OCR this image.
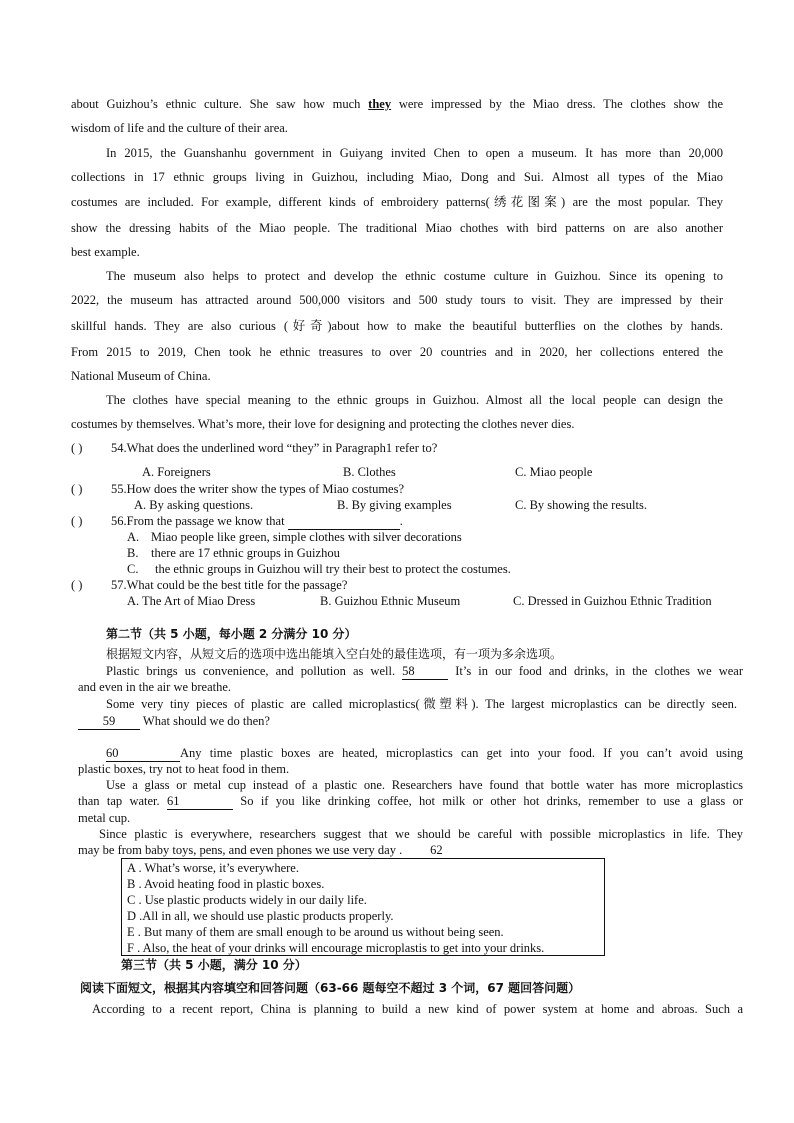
about Guizhou’s ethnic culture. She saw how much they were impressed by the Miao dress. The clothes show the
wisdom of life and the culture of their area.
In 2015, the Guanshanhu government in Guiyang invited Chen to open a museum. It has more than 20,000
collections in 17 ethnic groups living in Guizhou, including Miao, Dong and Sui. Almost all types of the Miao
costumes are included. For example, different kinds of embroidery patterns(绣花图案) are the most popular. They
show the dressing habits of the Miao people. The traditional Miao chothes with bird patterns on are also another
best example.
The museum also helps to protect and develop the ethnic costume culture in Guizhou. Since its opening to
2022, the museum has attracted around 500,000 visitors and 500 study tours to visit. They are impressed by their
skillful hands. They are also curious (好奇)about how to make the beautiful butterflies on the clothes by hands.
From 2015 to 2019, Chen took he ethnic treasures to over 20 countries and in 2020, her collections entered the
National Museum of China.
The clothes have special meaning to the ethnic groups in Guizhou. Almost all the local people can design the
costumes by themselves. What’s more, their love for designing and protecting the clothes never dies.
( ) 54.What does the underlined word “they” in Paragraph1 refer to?
A. Foreigners	B. Clothes	C. Miao people
( ) 55.How does the writer show the types of Miao costumes?
A. By asking questions.	B. By giving examples	C. By showing the results.
( ) 56.From the passage we know that	.
A. Miao people like green, simple clothes with silver decorations
B. there are 17 ethnic groups in Guizhou
C. the ethnic groups in Guizhou will try their best to protect the costumes.
( ) 57.What could be the best title for the passage?
A. The Art of Miao Dress	B. Guizhou Ethnic Museum	C. Dressed in Guizhou Ethnic Tradition
第二节（共 5 小题，每小题 2 分满分 10 分）
根据短文内容，从短文后的选项中选出能填入空白处的最佳选项，有一项为多余选项。
Plastic brings us convenience, and pollution as well. 58	It’s in our food and drinks, in the clothes we wear
and even in the air we breathe.
Some very tiny pieces of plastic are called microplastics(微塑料). The largest microplastics can be directly seen.
59 What should we do then?
60	Any time plastic boxes are heated, microplastics can get into your food. If you can’t avoid using
plastic boxes, try not to heat food in them.
Use a glass or metal cup instead of a plastic one. Researchers have found that bottle water has more microplastics
than tap water. 61	So if you like drinking coffee, hot milk or other hot drinks, remember to use a glass or
metal cup.
Since plastic is everywhere, researchers suggest that we should be careful with possible microplastics in life. They
may be from baby toys, pens, and even phones we use very day . 62
A . What’s worse, it’s everywhere.
B . Avoid heating food in plastic boxes.
C . Use plastic products widely in our daily life.
D .All in all, we should use plastic products properly.
E . But many of them are small enough to be around us without being seen.
F . Also, the heat of your drinks will encourage microplastis to get into your drinks.
第三节（共 5 小题，满分 10 分）
阅读下面短文，根据其内容填空和回答问题（63-66 题每空不超过 3 个词，67 题回答问题）
According to a recent report, China is planning to build a new kind of power system at home and abroas. Such a
